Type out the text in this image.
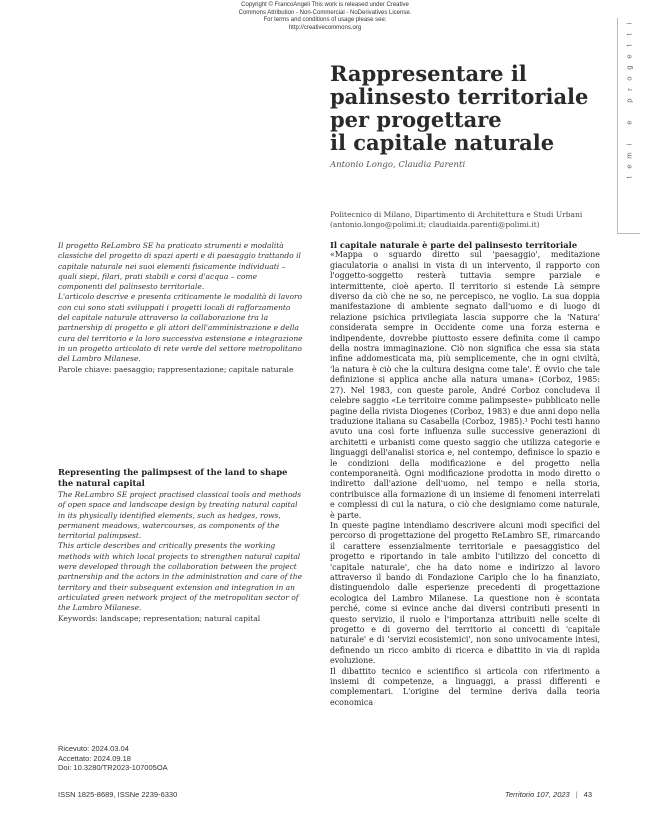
Copyright © FrancoAngeli This work is released under Creative
Commons Attribution - Non-Commercial - NoDerivatives License.
For terms and conditions of usage please see:
http://creativecommons.org
i
t
t
e
g
o
r
p

e

i
m
e
t
Rappresentare il
palinsesto territoriale
per progettare
il capitale naturale
Antonio Longo, Claudia Parenti
Politecnico di Milano, Dipartimento di Architettura e Studi Urbani
(antonio.longo@polimi.it; claudiaida.parenti@polimi.it)
Il progetto ReLambro SE ha praticato strumenti e modalità classiche del progetto di spazi aperti e di paesaggio trattando il capitale naturale nei suoi elementi fisicamente individuati – quali siepi, filari, prati stabili e corsi d'acqua – come componenti del palinsesto territoriale.
L'articolo descrive e presenta criticamente le modalità di lavoro con cui sono stati sviluppati i progetti locali di rafforzamento del capitale naturale attraverso la collaborazione tra la partnership di progetto e gli attori dell'amministrazione e della cura del territorio e la loro successiva estensione e integrazione in un progetto articolato di rete verde del settore metropolitano del Lambro Milanese.
Parole chiave: paesaggio; rappresentazione; capitale naturale
Representing the palimpsest of the land to shape the natural capital
The ReLambro SE project practised classical tools and methods of open space and landscape design by treating natural capital in its physically identified elements, such as hedges, rows, permanent meadows, watercourses, as components of the territorial palimpsest.
This article describes and critically presents the working methods with which local projects to strengthen natural capital were developed through the collaboration between the project partnership and the actors in the administration and care of the territory and their subsequent extension and integration in an articulated green network project of the metropolitan sector of the Lambro Milanese.
Keywords: landscape; representation; natural capital
Ricevuto: 2024.03.04
Accettato: 2024.09.18
Doi: 10.3280/TR2023-107005OA
Il capitale naturale è parte del palinsesto territoriale

«Mappa o sguardo diretto sul 'paesaggio', meditazione giaculatoria o analisi in vista di un intervento, il rapporto con l'oggetto-soggetto resterà tuttavia sempre parziale e intermittente, cioè aperto. Il territorio si estende Là sempre diverso da ciò che ne so, ne percepisco, ne voglio. La sua doppia manifestazione di ambiente segnato dall'uomo e di luogo di relazione psichica privilegiata lascia supporre che la 'Natura' considerata sempre in Occidente come una forza esterna e indipendente, dovrebbe piuttosto essere definita come il campo della nostra immaginazione. Ciò non significa che essa sia stata infine addomesticata ma, più semplicemente, che in ogni civiltà, 'la natura è ciò che la cultura designa come tale'. È ovvio che tale definizione si applica anche alla natura umana» (Corboz, 1985: 27). Nel 1983, con queste parole, André Corboz concludeva il celebre saggio «Le territoire comme palimpseste» pubblicato nelle pagine della rivista Diogenes (Corboz, 1983) e due anni dopo nella traduzione italiana su Casabella (Corboz, 1985).¹ Pochi testi hanno avuto una così forte influenza sulle successive generazioni di architetti e urbanisti come questo saggio che utilizza categorie e linguaggi dell'analisi storica e, nel contempo, definisce lo spazio e le condizioni della modificazione e del progetto nella contemporaneità. Ogni modificazione prodotta in modo diretto o indiretto dall'azione dell'uomo, nel tempo e nella storia, contribuisce alla formazione di un insieme di fenomeni interrelati e complessi di cui la natura, o ciò che designiamo come naturale, è parte.

In queste pagine intendiamo descrivere alcuni modi specifici del percorso di progettazione del progetto ReLambro SE, rimarcando il carattere essenzialmente territoriale e paesaggistico del progetto e riportando in tale ambito l'utilizzo del concetto di 'capitale naturale', che ha dato nome e indirizzo al lavoro attraverso il bando di Fondazione Cariplo che lo ha finanziato, distinguendolo dalle esperienze precedenti di progettazione ecologica del Lambro Milanese. La questione non è scontata perché, come si evince anche dai diversi contributi presenti in questo servizio, il ruolo e l'importanza attribuiti nelle scelte di progetto e di governo del territorio ai concetti di 'capitale naturale' e di 'servizi ecosistemici', non sono univocamente intesi, definendo un ricco ambito di ricerca e dibattito in via di rapida evoluzione.

Il dibattito tecnico e scientifico si articola con riferimento a insiemi di competenze, a linguaggi, a prassi differenti e complementari. L'origine del termine deriva dalla teoria economica

ISSN 1825-8689, ISSNe 2239-6330	Territorio 107, 2023 | 43
